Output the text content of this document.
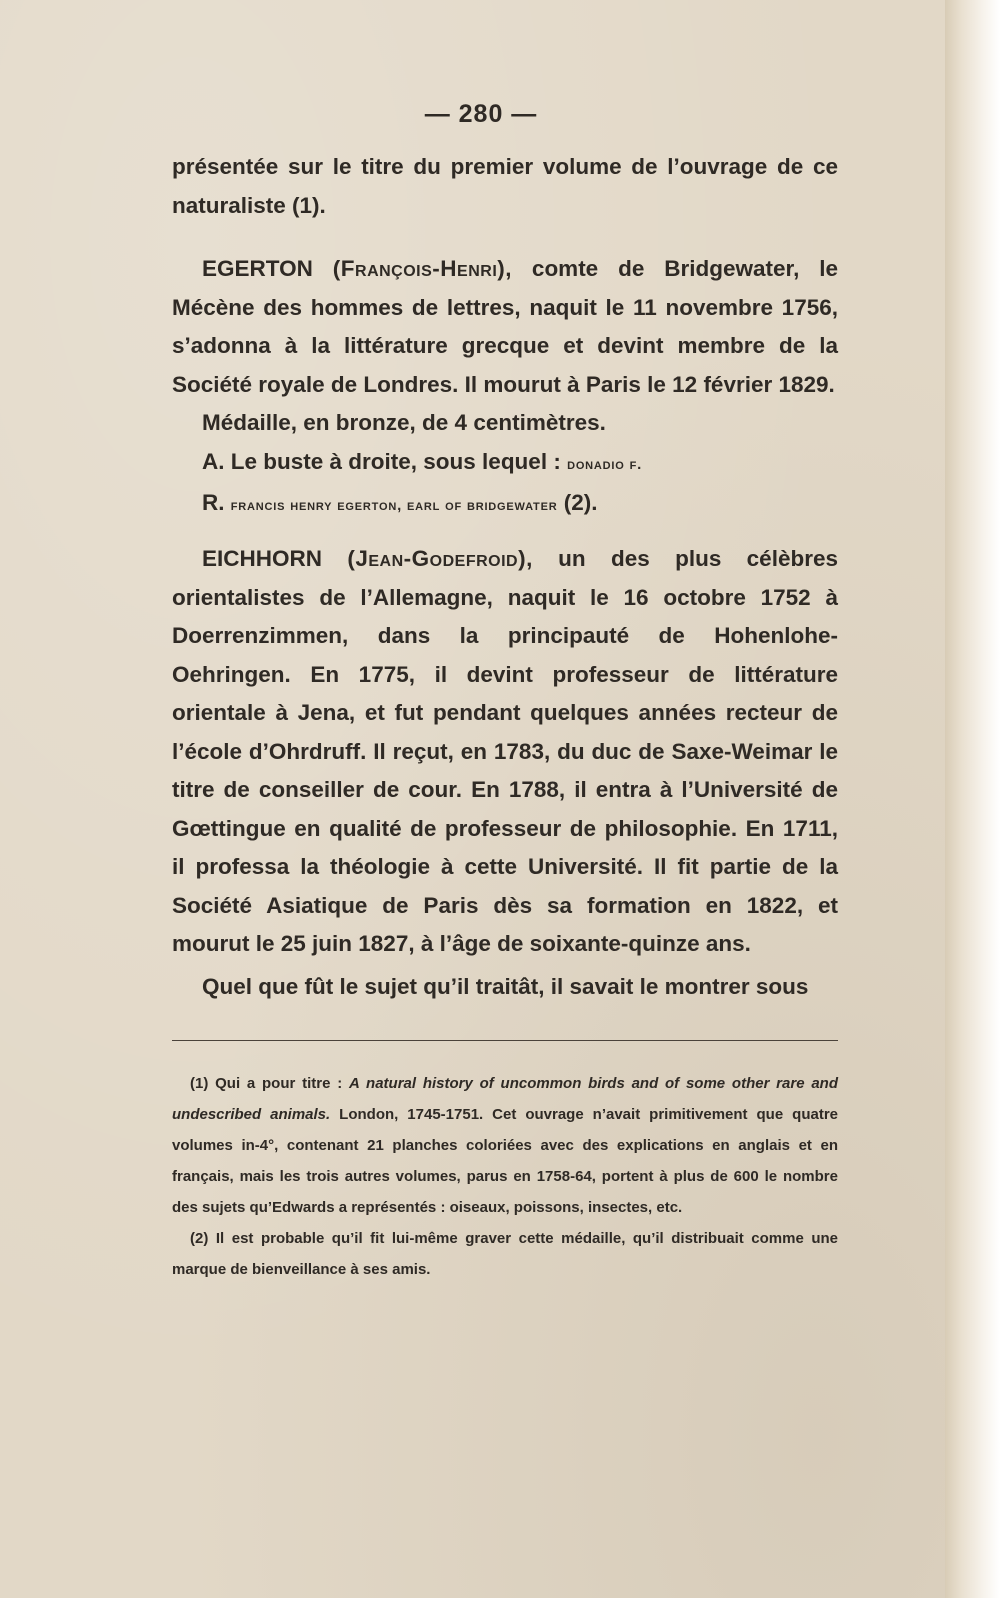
— 280 —

présentée sur le titre du premier volume de l’ouvrage de ce naturaliste (1).

EGERTON (François-Henri), comte de Bridgewater, le Mécène des hommes de lettres, naquit le 11 novembre 1756, s’adonna à la littérature grecque et devint membre de la Société royale de Londres. Il mourut à Paris le 12 février 1829.

Médaille, en bronze, de 4 centimètres.

A. Le buste à droite, sous lequel : donadio f.

R. francis henry egerton, earl of bridgewater (2).

EICHHORN (Jean-Godefroid), un des plus célèbres orientalistes de l’Allemagne, naquit le 16 octobre 1752 à Doerrenzimmen, dans la principauté de Hohenlohe-Oehringen. En 1775, il devint professeur de littérature orientale à Jena, et fut pendant quelques années recteur de l’école d’Ohrdruff. Il reçut, en 1783, du duc de Saxe-Weimar le titre de conseiller de cour. En 1788, il entra à l’Université de Gœttingue en qualité de professeur de philosophie. En 1711, il professa la théologie à cette Université. Il fit partie de la Société Asiatique de Paris dès sa formation en 1822, et mourut le 25 juin 1827, à l’âge de soixante-quinze ans.

Quel que fût le sujet qu’il traitât, il savait le montrer sous

(1) Qui a pour titre : A natural history of uncommon birds and of some other rare and undescribed animals. London, 1745-1751. Cet ouvrage n’avait primitivement que quatre volumes in-4°, contenant 21 planches coloriées avec des explications en anglais et en français, mais les trois autres volumes, parus en 1758-64, portent à plus de 600 le nombre des sujets qu’Edwards a représentés : oiseaux, poissons, insectes, etc.

(2) Il est probable qu’il fit lui-même graver cette médaille, qu’il distribuait comme une marque de bienveillance à ses amis.
